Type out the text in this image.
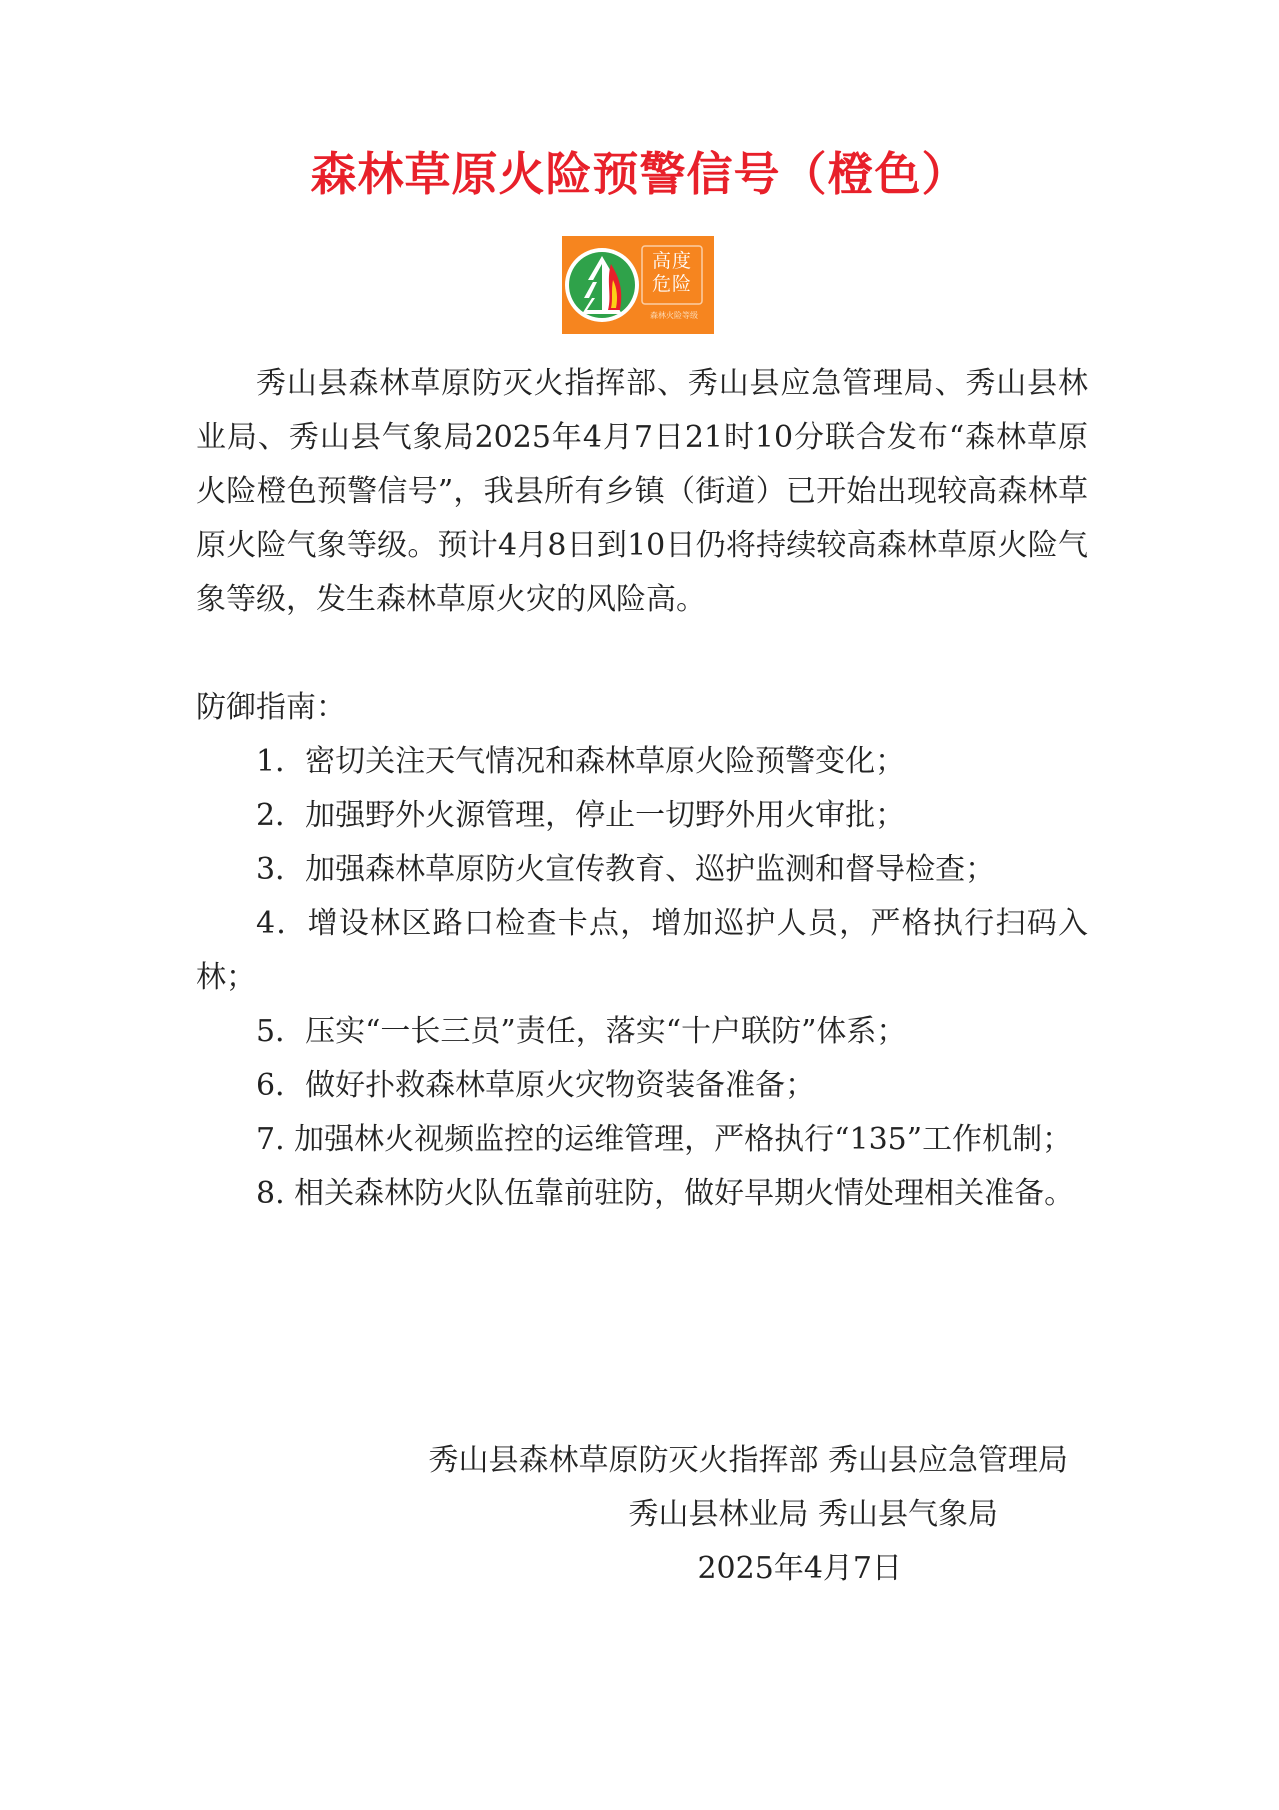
森林草原火险预警信号（橙色）
高度
危险
森林火险等级

秀山县森林草原防灭火指挥部、秀山县应急管理局、秀山县林业局、秀山县气象局2025年4月7日21时10分联合发布“森林草原火险橙色预警信号”，我县所有乡镇（街道）已开始出现较高森林草原火险气象等级。预计4月8日到10日仍将持续较高森林草原火险气象等级，发生森林草原火灾的风险高。

防御指南：

1．密切关注天气情况和森林草原火险预警变化；
2．加强野外火源管理，停止一切野外用火审批；
3．加强森林草原防火宣传教育、巡护监测和督导检查；
4．增设林区路口检查卡点，增加巡护人员，严格执行扫码入林；
5．压实“一长三员”责任，落实“十户联防”体系；
6．做好扑救森林草原火灾物资装备准备；
7. 加强林火视频监控的运维管理，严格执行“135”工作机制；
8. 相关森林防火队伍靠前驻防，做好早期火情处理相关准备。
秀山县森林草原防灭火指挥部 秀山县应急管理局
秀山县林业局 秀山县气象局
2025年4月7日
